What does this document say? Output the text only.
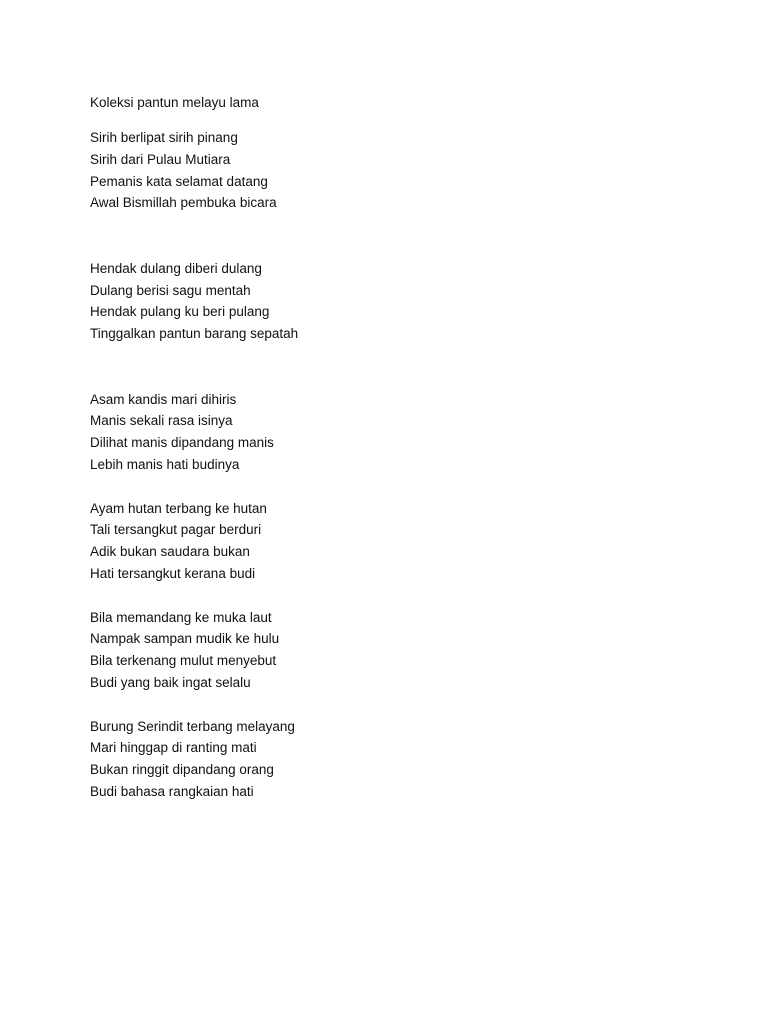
Koleksi pantun melayu lama
Sirih berlipat sirih pinang
Sirih dari Pulau Mutiara
Pemanis kata selamat datang
Awal Bismillah pembuka bicara
Hendak dulang diberi dulang
Dulang berisi sagu mentah
Hendak pulang ku beri pulang
Tinggalkan pantun barang sepatah
Asam kandis mari dihiris
Manis sekali rasa isinya
Dilihat manis dipandang manis
Lebih manis hati budinya
Ayam hutan terbang ke hutan
Tali tersangkut pagar berduri
Adik bukan saudara bukan
Hati tersangkut kerana budi
Bila memandang ke muka laut
Nampak sampan mudik ke hulu
Bila terkenang mulut menyebut
Budi yang baik ingat selalu
Burung Serindit terbang melayang
Mari hinggap di ranting mati
Bukan ringgit dipandang orang
Budi bahasa rangkaian hati
